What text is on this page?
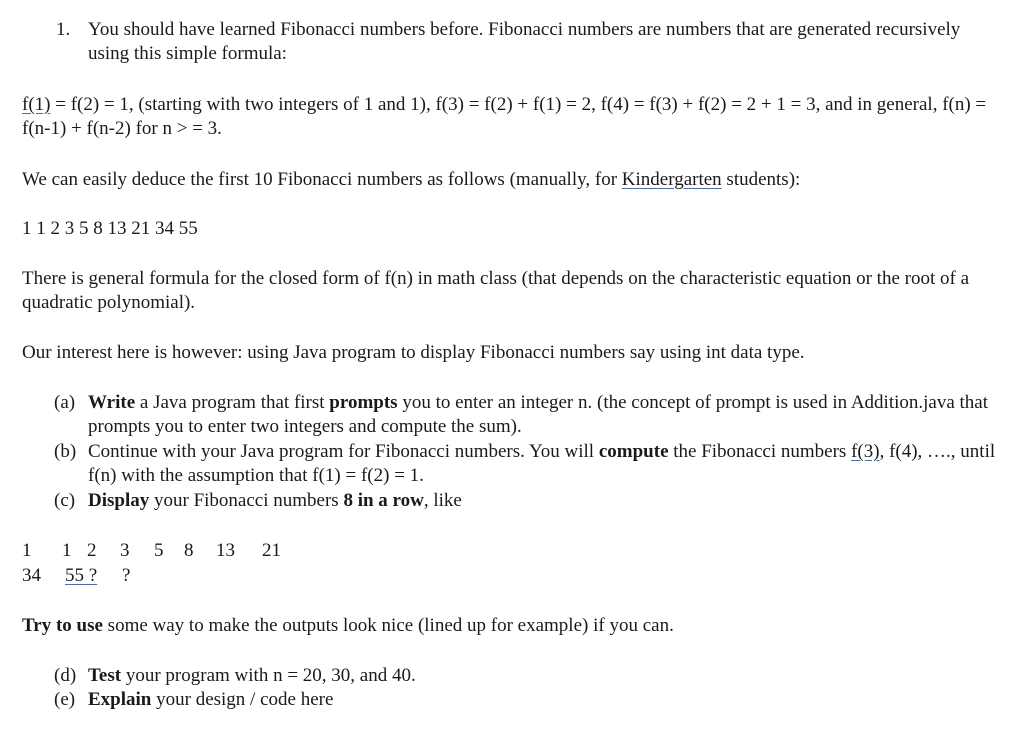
1. You should have learned Fibonacci numbers before. Fibonacci numbers are numbers that are generated recursively using this simple formula:
f(1) = f(2) = 1, (starting with two integers of 1 and 1), f(3) = f(2) + f(1) = 2, f(4) = f(3) + f(2) = 2 + 1 = 3, and in general, f(n) = f(n-1) + f(n-2) for n > = 3.
We can easily deduce the first 10 Fibonacci numbers as follows (manually, for Kindergarten students):
1 1 2 3 5 8 13 21 34 55
There is general formula for the closed form of f(n) in math class (that depends on the characteristic equation or the root of a quadratic polynomial).
Our interest here is however: using Java program to display Fibonacci numbers say using int data type.
(a) Write a Java program that first prompts you to enter an integer n. (the concept of prompt is used in Addition.java that prompts you to enter two integers and compute the sum).
(b) Continue with your Java program for Fibonacci numbers. You will compute the Fibonacci numbers f(3), f(4), …., until f(n) with the assumption that f(1) = f(2) = 1.
(c) Display your Fibonacci numbers 8 in a row, like
1 1 2 3 5 8 13 21
34 55 ? ?
Try to use some way to make the outputs look nice (lined up for example) if you can.
(d) Test your program with n = 20, 30, and 40.
(e) Explain your design / code here
